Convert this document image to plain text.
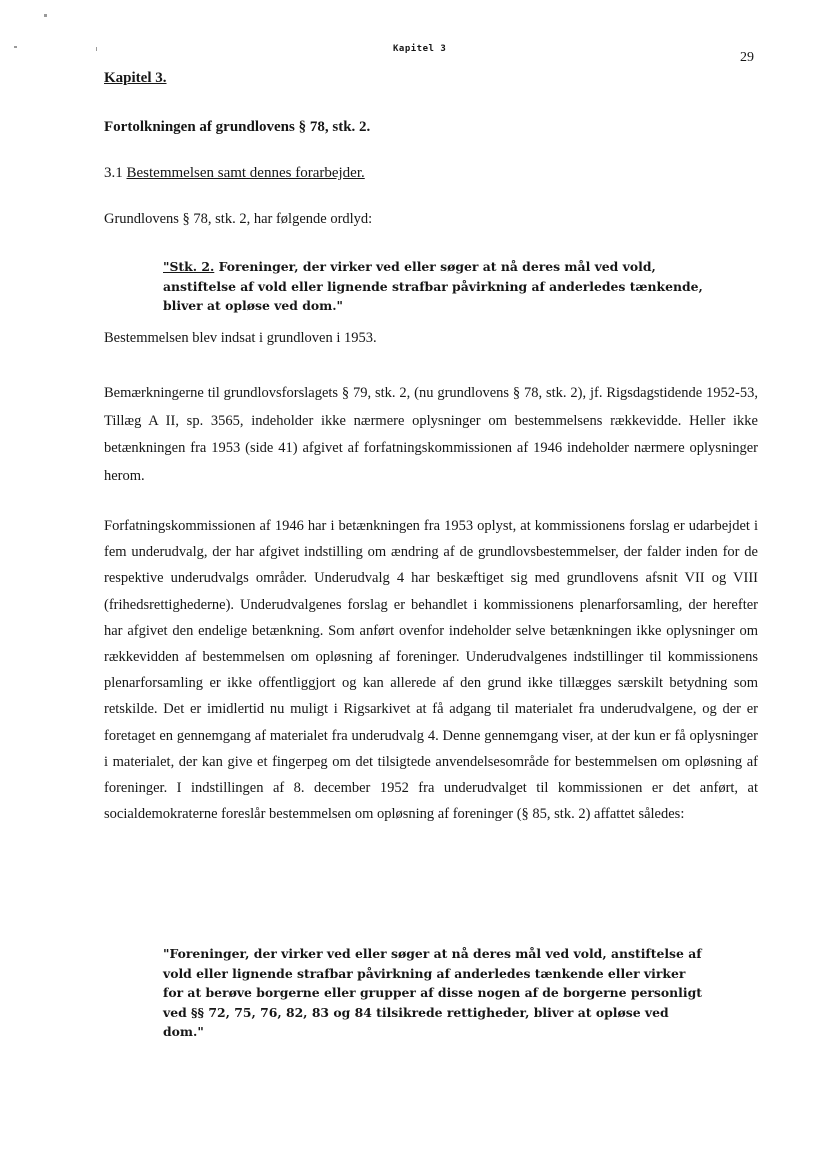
Kapitel 3
29
Kapitel 3.
Fortolkningen af grundlovens § 78, stk. 2.
3.1 Bestemmelsen samt dennes forarbejder.

Grundlovens § 78, stk. 2, har følgende ordlyd:

"Stk. 2. Foreninger, der virker ved eller søger at nå deres mål ved vold, anstiftelse af vold eller lignende strafbar påvirkning af anderledes tænkende, bliver at opløse ved dom."

Bestemmelsen blev indsat i grundloven i 1953.

Bemærkningerne til grundlovsforslagets § 79, stk. 2, (nu grundlovens § 78, stk. 2), jf. Rigsdagstidende 1952-53, Tillæg A II, sp. 3565, indeholder ikke nærmere oplysninger om bestemmelsens rækkevidde. Heller ikke betænkningen fra 1953 (side 41) afgivet af forfatningskommissionen af 1946 indeholder nærmere oplysninger herom.

Forfatningskommissionen af 1946 har i betænkningen fra 1953 oplyst, at kommissionens forslag er udarbejdet i fem underudvalg, der har afgivet indstilling om ændring af de grundlovsbestemmelser, der falder inden for de respektive underudvalgs områder. Underudvalg 4 har beskæftiget sig med grundlovens afsnit VII og VIII (frihedsrettighederne). Underudvalgenes forslag er behandlet i kommissionens plenarforsamling, der herefter har afgivet den endelige betænkning. Som anført ovenfor indeholder selve betænkningen ikke oplysninger om rækkevidden af bestemmelsen om opløsning af foreninger. Underudvalgenes indstillinger til kommissionens plenarforsamling er ikke offentliggjort og kan allerede af den grund ikke tillægges særskilt betydning som retskilde. Det er imidlertid nu muligt i Rigsarkivet at få adgang til materialet fra underudvalgene, og der er foretaget en gennemgang af materialet fra underudvalg 4. Denne gennemgang viser, at der kun er få oplysninger i materialet, der kan give et fingerpeg om det tilsigtede anvendelsesområde for bestemmelsen om opløsning af foreninger. I indstillingen af 8. december 1952 fra underudvalget til kommissionen er det anført, at socialdemokraterne foreslår bestemmelsen om opløsning af foreninger (§ 85, stk. 2) affattet således:

"Foreninger, der virker ved eller søger at nå deres mål ved vold, anstiftelse af vold eller lignende strafbar påvirkning af anderledes tænkende eller virker for at berøve borgerne eller grupper af disse nogen af de borgerne personligt ved §§ 72, 75, 76, 82, 83 og 84 tilsikrede rettigheder, bliver at opløse ved dom."
